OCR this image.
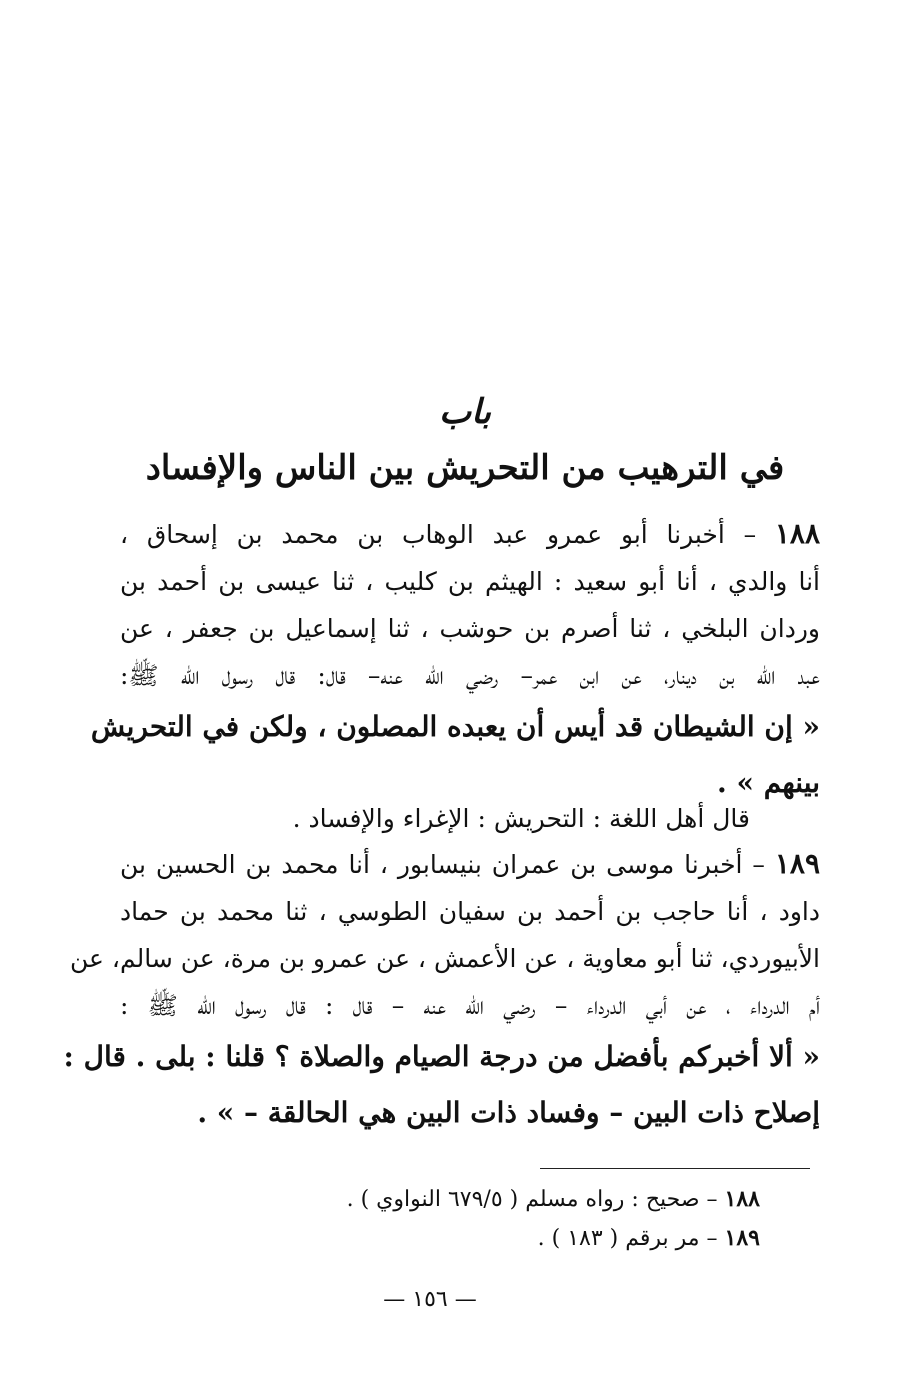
باب
في الترهيب من التحريش بين الناس والإفساد
١٨٨ – أخبرنا أبو عمرو عبد الوهاب بن محمد بن إسحاق ،
أنا والدي ، أنا أبو سعيد : الهيثم بن كليب ، ثنا عيسى بن أحمد بن
وردان البلخي ، ثنا أصرم بن حوشب ، ثنا إسماعيل بن جعفر ، عن
عبد الله بن دينار، عن ابن عمر– رضي الله عنه– قال: قال رسول الله ﷺ:
« إن الشيطان قد أيس أن يعبده المصلون ، ولكن في التحريش
بينهم » .
قال أهل اللغة : التحريش : الإغراء والإفساد .
١٨٩ – أخبرنا موسى بن عمران بنيسابور ، أنا محمد بن الحسين بن
داود ، أنا حاجب بن أحمد بن سفيان الطوسي ، ثنا محمد بن حماد
الأبيوردي، ثنا أبو معاوية ، عن الأعمش ، عن عمرو بن مرة، عن سالم، عن
أم الدرداء ، عن أبي الدرداء – رضي الله عنه – قال : قال رسول الله ﷺ :
« ألا أخبركم بأفضل من درجة الصيام والصلاة ؟ قلنا : بلى . قال :
إصلاح ذات البين – وفساد ذات البين هي الحالقة – » .
١٨٨ – صحيح : رواه مسلم ( ٦٧٩/٥ النواوي ) .
١٨٩ – مر برقم ( ١٨٣ ) .
— ١٥٦ —
